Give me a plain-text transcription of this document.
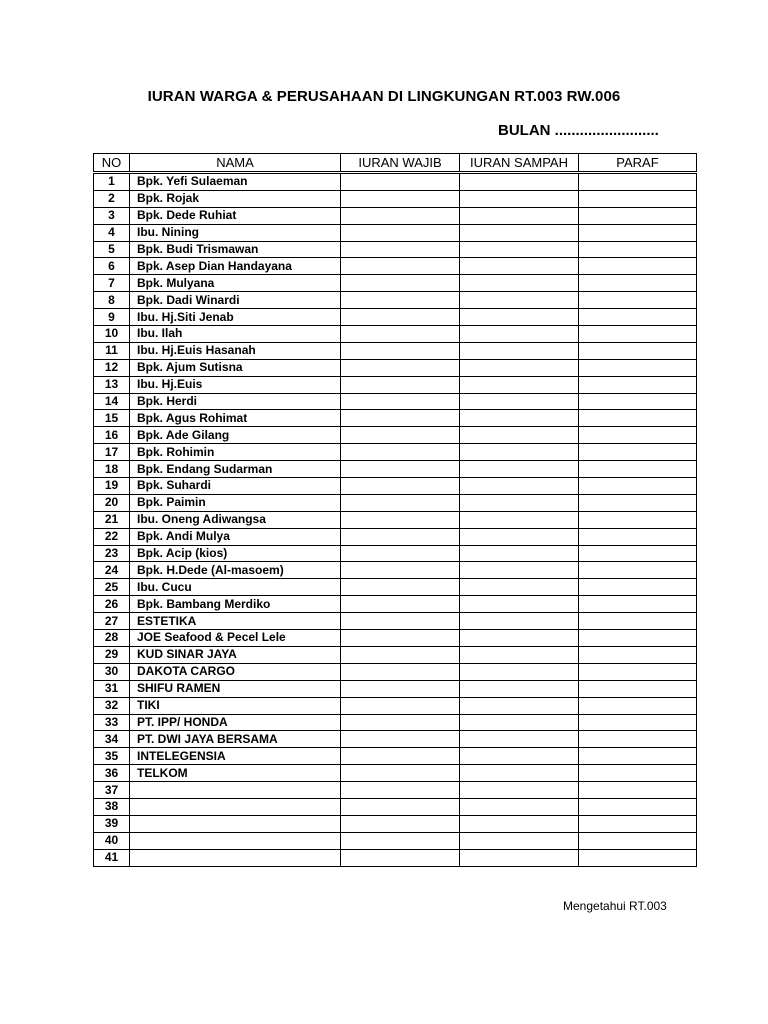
IURAN WARGA & PERUSAHAAN DI LINGKUNGAN RT.003 RW.006
BULAN .........................
NO	NAMA	IURAN WAJIB	IURAN SAMPAH	PARAF
1	Bpk. Yefi Sulaeman			
2	Bpk. Rojak			
3	Bpk. Dede Ruhiat			
4	Ibu. Nining			
5	Bpk. Budi Trismawan			
6	Bpk. Asep Dian Handayana			
7	Bpk. Mulyana			
8	Bpk. Dadi Winardi			
9	Ibu. Hj.Siti Jenab			
10	Ibu. Ilah			
11	Ibu. Hj.Euis Hasanah			
12	Bpk. Ajum Sutisna			
13	Ibu. Hj.Euis			
14	Bpk. Herdi			
15	Bpk. Agus Rohimat			
16	Bpk. Ade Gilang			
17	Bpk. Rohimin			
18	Bpk. Endang Sudarman			
19	Bpk. Suhardi			
20	Bpk. Paimin			
21	Ibu. Oneng Adiwangsa			
22	Bpk. Andi Mulya			
23	Bpk. Acip (kios)			
24	Bpk. H.Dede (Al-masoem)			
25	Ibu. Cucu			
26	Bpk. Bambang Merdiko			
27	ESTETIKA			
28	JOE Seafood & Pecel Lele			
29	KUD SINAR JAYA			
30	DAKOTA CARGO			
31	SHIFU RAMEN			
32	TIKI			
33	PT. IPP/ HONDA			
34	PT. DWI JAYA BERSAMA			
35	INTELEGENSIA			
36	TELKOM			
37				
38				
39				
40				
41				
Mengetahui RT.003
